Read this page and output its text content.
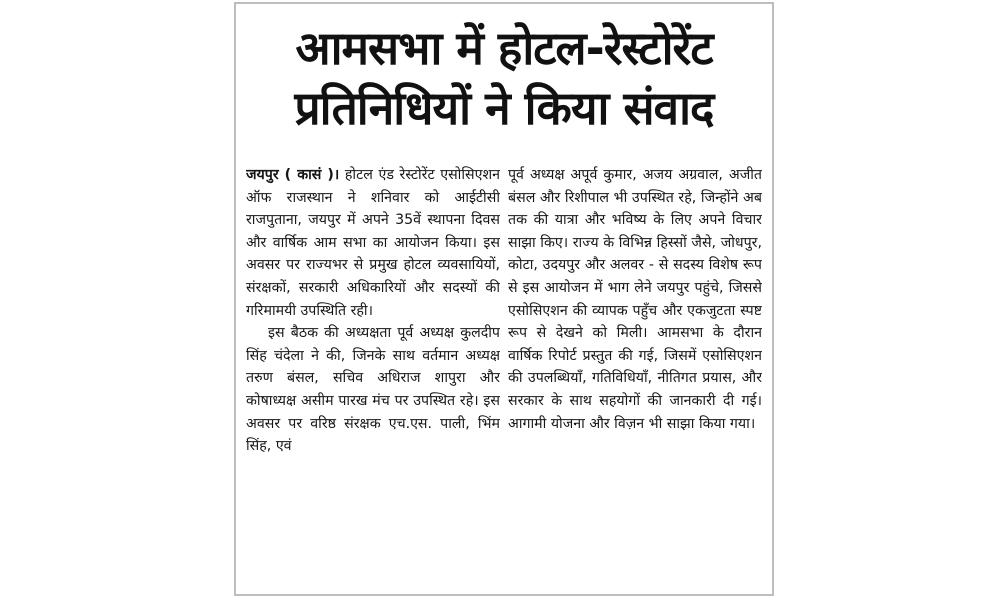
आमसभा में होटल-रेस्टोरेंट
प्रतिनिधियों ने किया संवाद

जयपुर ( कासं )। होटल एंड रेस्टोरेंट एसोसिएशन ऑफ राजस्थान ने शनिवार को आईटीसी राजपुताना, जयपुर में अपने 35वें स्थापना दिवस और वार्षिक आम सभा का आयोजन किया। इस अवसर पर राज्यभर से प्रमुख होटल व्यवसायियों, संरक्षकों, सरकारी अधिकारियों और सदस्यों की गरिमामयी उपस्थिति रही।

इस बैठक की अध्यक्षता पूर्व अध्यक्ष कुलदीप सिंह चंदेला ने की, जिनके साथ वर्तमान अध्यक्ष तरुण बंसल, सचिव अधिराज शापुरा और कोषाध्यक्ष असीम पारख मंच पर उपस्थित रहे। इस अवसर पर वरिष्ठ संरक्षक एच.एस. पाली, भिंम सिंह, एवं

पूर्व अध्यक्ष अपूर्व कुमार, अजय अग्रवाल, अजीत बंसल और रिशीपाल भी उपस्थित रहे, जिन्होंने अब तक की यात्रा और भविष्य के लिए अपने विचार साझा किए। राज्य के विभिन्न हिस्सों जैसे, जोधपुर, कोटा, उदयपुर और अलवर - से सदस्य विशेष रूप से इस आयोजन में भाग लेने जयपुर पहुंचे, जिससे एसोसिएशन की व्यापक पहुँच और एकजुटता स्पष्ट रूप से देखने को मिली। आमसभा के दौरान वार्षिक रिपोर्ट प्रस्तुत की गई, जिसमें एसोसिएशन की उपलब्धियाँ, गतिविधियाँ, नीतिगत प्रयास, और सरकार के साथ सहयोगों की जानकारी दी गई। आगामी योजना और विज़न भी साझा किया गया।
